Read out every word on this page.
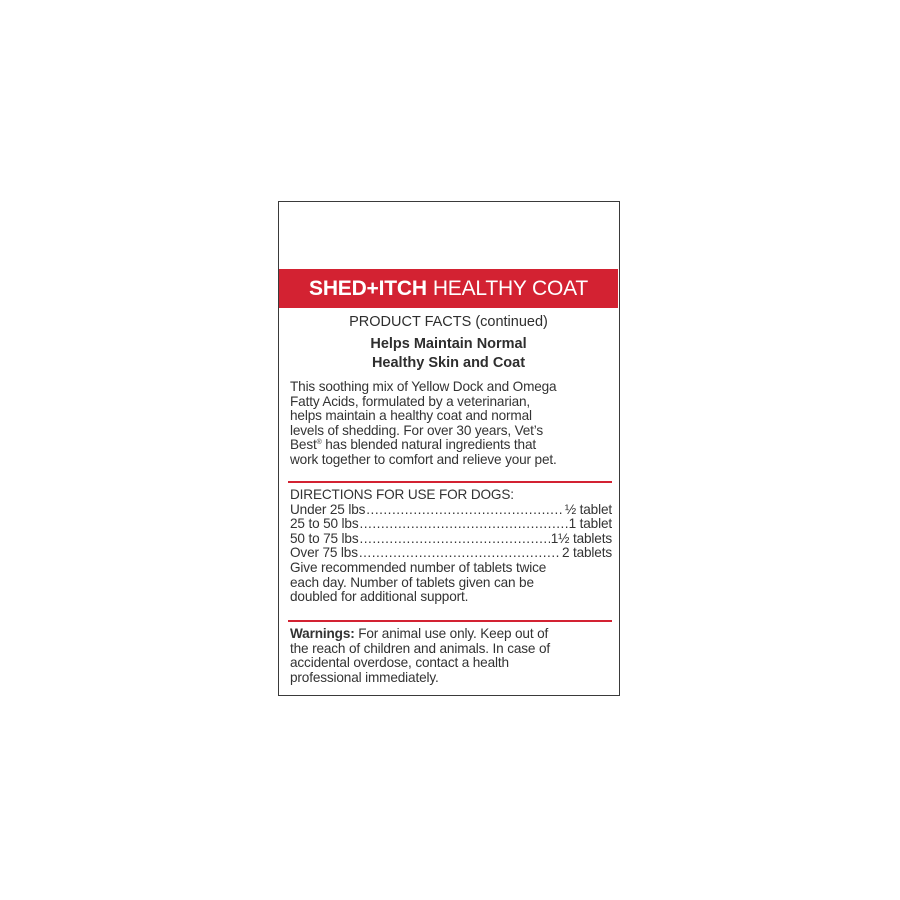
SHED+ITCH HEALTHY COAT
PRODUCT FACTS (continued)
Helps Maintain Normal
Healthy Skin and Coat
This soothing mix of Yellow Dock and Omega
Fatty Acids, formulated by a veterinarian,
helps maintain a healthy coat and normal
levels of shedding. For over 30 years, Vet’s
Best® has blended natural ingredients that
work together to comfort and relieve your pet.
DIRECTIONS FOR USE FOR DOGS:
Under 25 lbs .....	½ tablet
25 to 50 lbs .....	1 tablet
50 to 75 lbs .....	1½ tablets
Over 75 lbs .....	2 tablets
Give recommended number of tablets twice
each day. Number of tablets given can be
doubled for additional support.
Warnings: For animal use only. Keep out of
the reach of children and animals. In case of
accidental overdose, contact a health
professional immediately.
